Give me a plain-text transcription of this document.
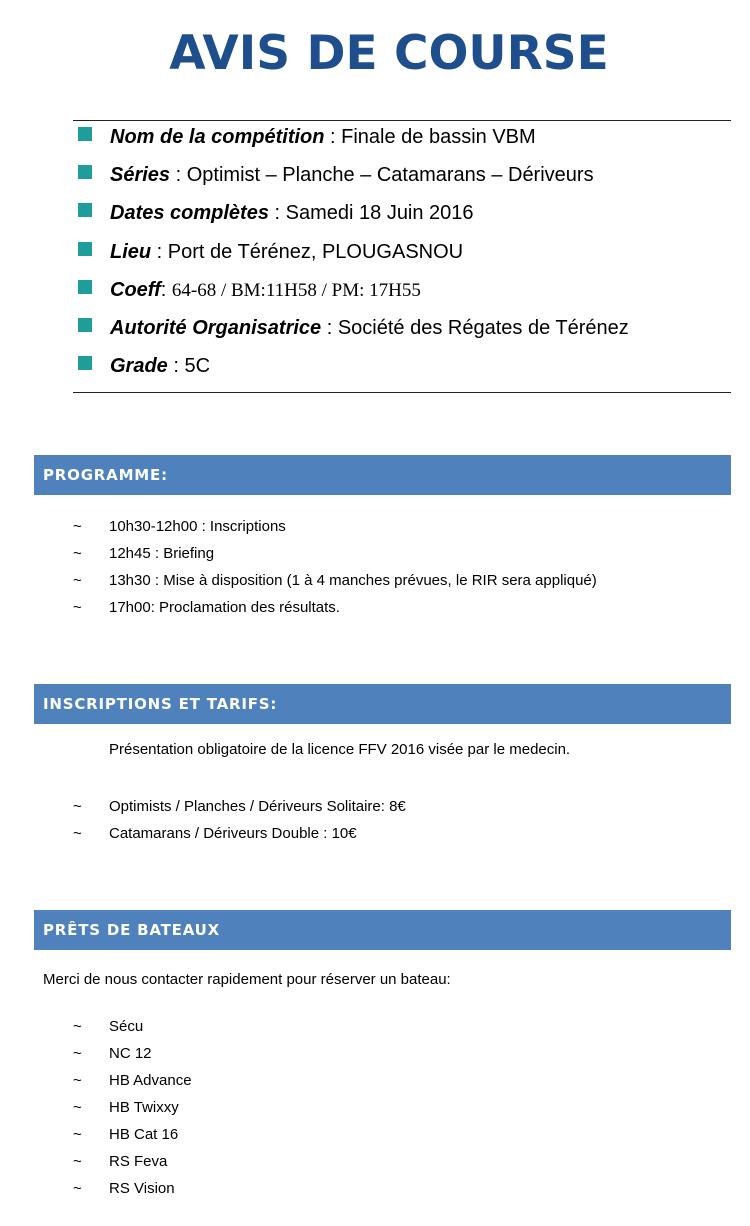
AVIS DE COURSE
Nom de la compétition : Finale de bassin VBM
Séries : Optimist – Planche – Catamarans – Dériveurs
Dates complètes : Samedi 18 Juin 2016
Lieu : Port de Térénez, PLOUGASNOU
Coeff: 64-68 / BM:11H58 / PM: 17H55
Autorité Organisatrice : Société des Régates de Térénez
Grade : 5C
PROGRAMME:
~ 10h30-12h00 : Inscriptions
~ 12h45 : Briefing
~ 13h30 : Mise à disposition (1 à 4 manches prévues, le RIR sera appliqué)
~ 17h00: Proclamation des résultats.
INSCRIPTIONS ET TARIFS:
Présentation obligatoire de la licence FFV 2016 visée par le medecin.
~ Optimists / Planches / Dériveurs Solitaire: 8€
~ Catamarans / Dériveurs Double : 10€
PRÊTS DE BATEAUX
Merci de nous contacter rapidement pour réserver un bateau:
~ Sécu
~ NC 12
~ HB Advance
~ HB Twixxy
~ HB Cat 16
~ RS Feva
~ RS Vision
